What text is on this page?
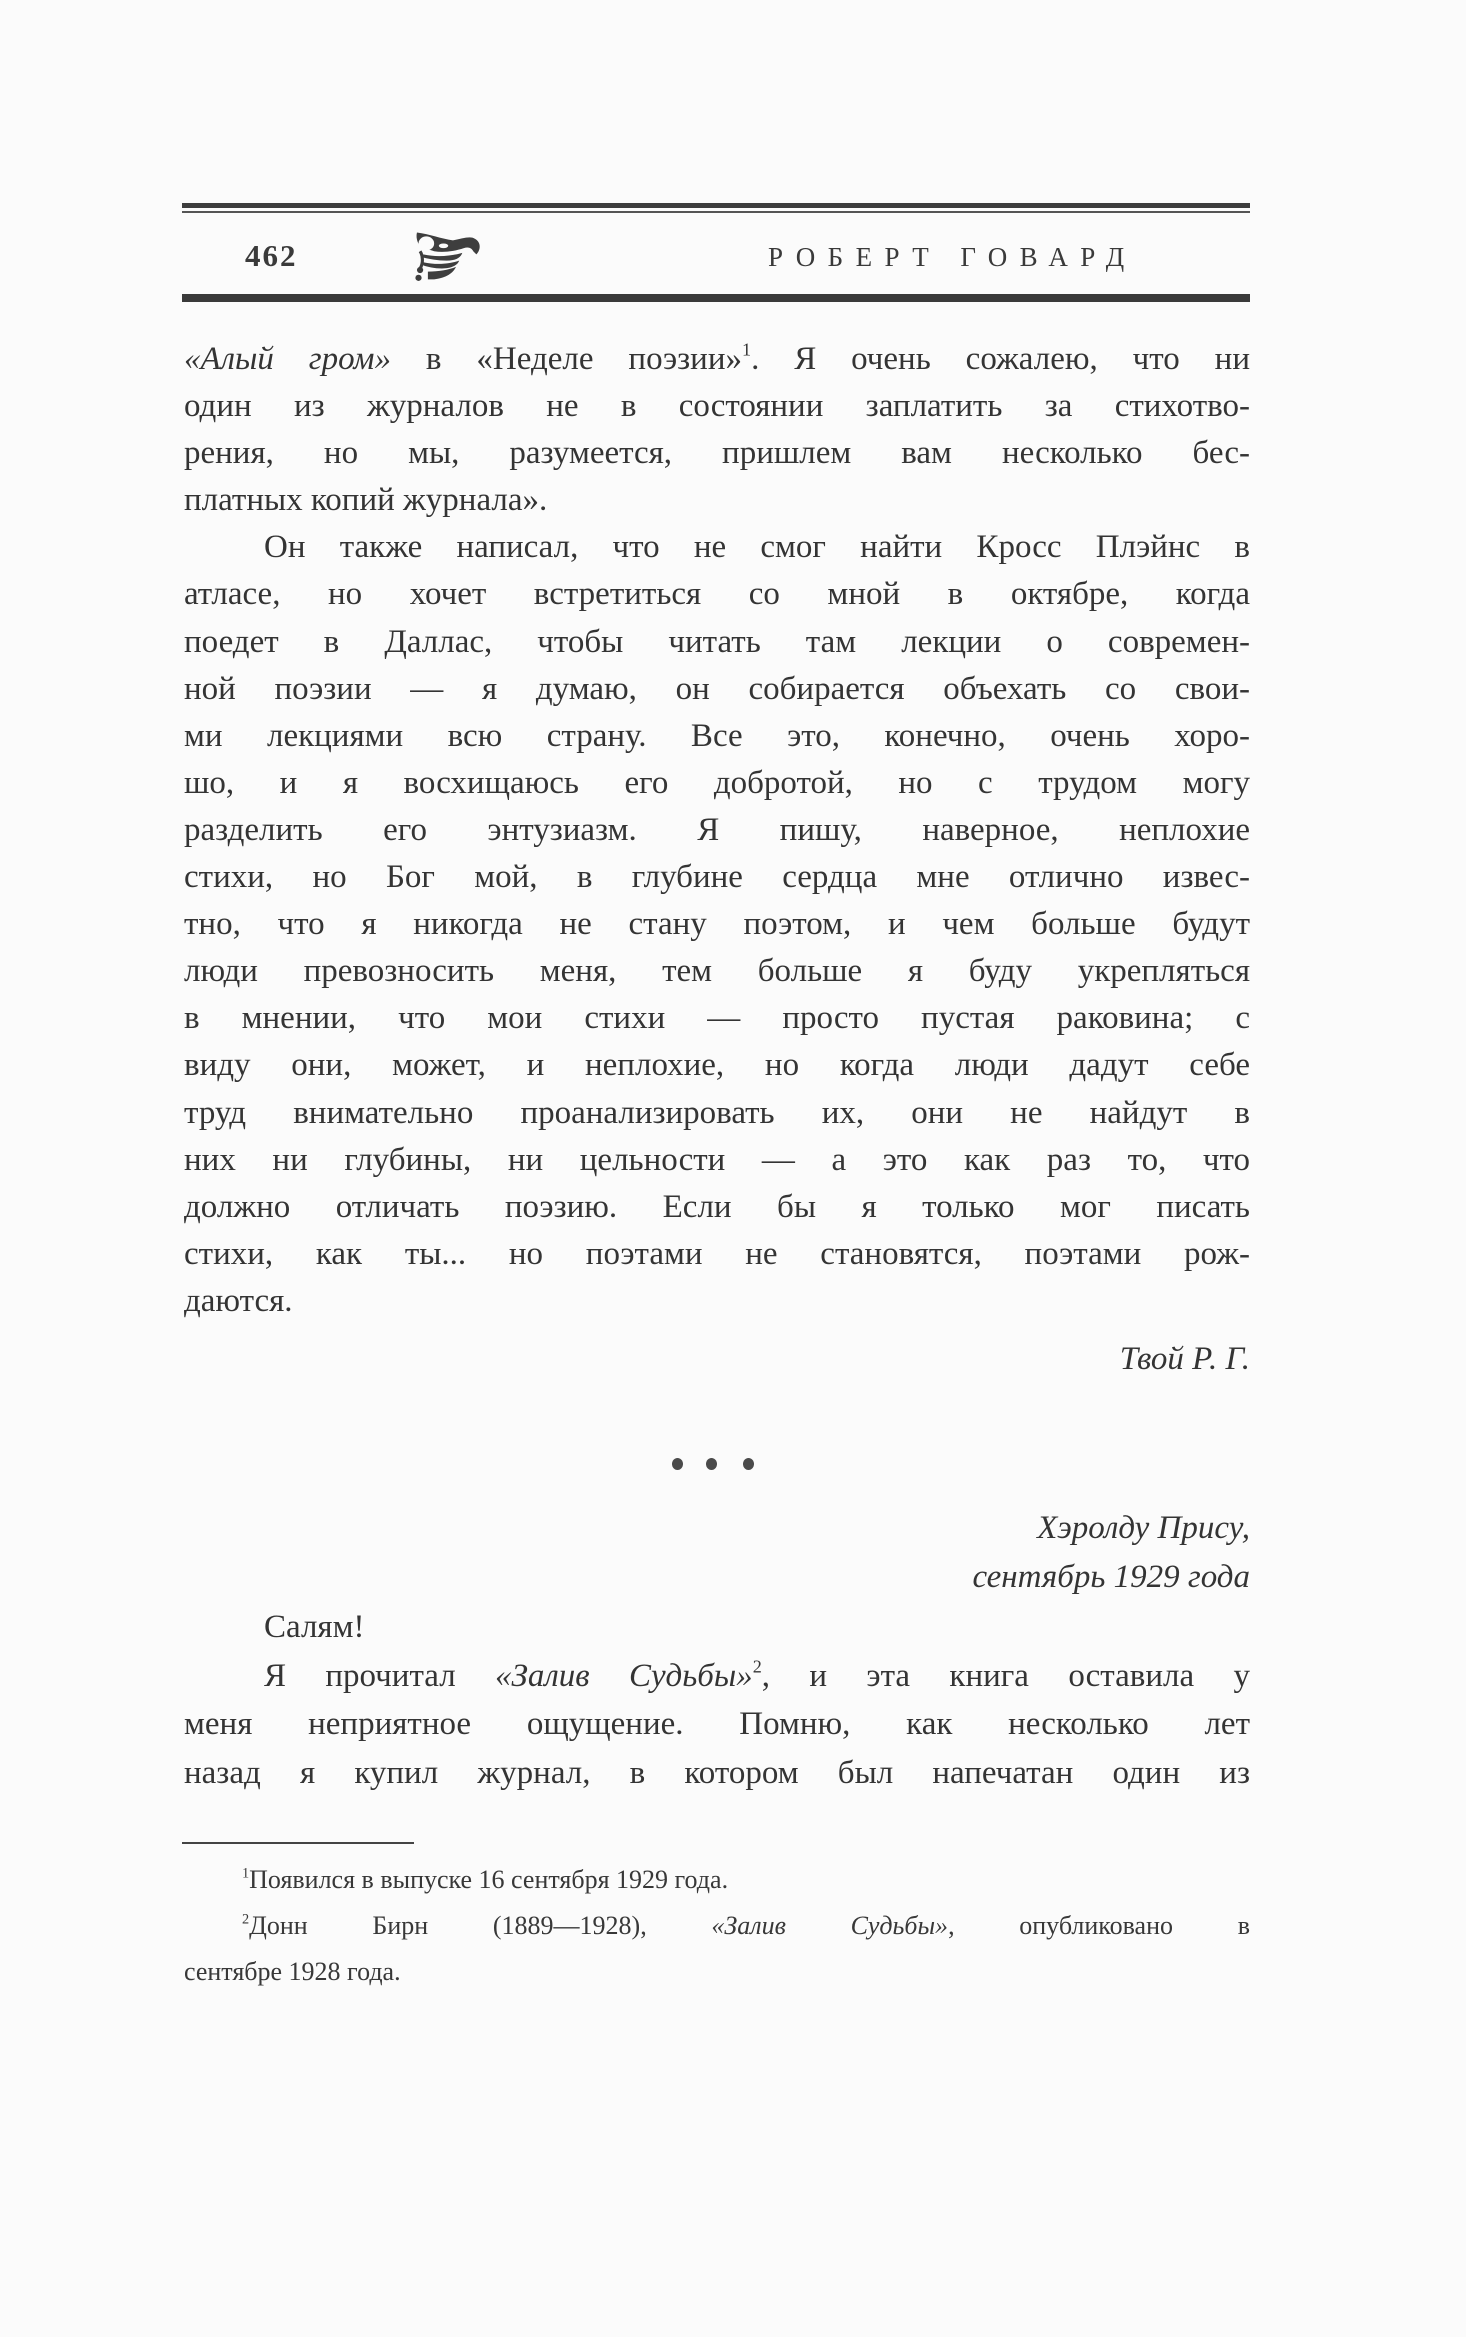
462	РОБЕРТ ГОВАРД
«Алый гром» в «Неделе поэзии»$^1$. Я очень сожалею, что ни
один из журналов не в состоянии заплатить за стихотво-
рения, но мы, разумеется, пришлем вам несколько бес-
платных копий журнала».
Он также написал, что не смог найти Кросс Плэйнс в
атласе, но хочет встретиться со мной в октябре, когда
поедет в Даллас, чтобы читать там лекции о современ-
ной поэзии — я думаю, он собирается объехать со свои-
ми лекциями всю страну. Все это, конечно, очень хоро-
шо, и я восхищаюсь его добротой, но с трудом могу
разделить его энтузиазм. Я пишу, наверное, неплохие
стихи, но Бог мой, в глубине сердца мне отлично извес-
тно, что я никогда не стану поэтом, и чем больше будут
люди превозносить меня, тем больше я буду укрепляться
в мнении, что мои стихи — просто пустая раковина; с
виду они, может, и неплохие, но когда люди дадут себе
труд внимательно проанализировать их, они не найдут в
них ни глубины, ни цельности — а это как раз то, что
должно отличать поэзию. Если бы я только мог писать
стихи, как ты... но поэтами не становятся, поэтами рож-
даются.
Твой Р. Г.
Хэролду Прису,
сентябрь 1929 года
Салям!
Я прочитал «Залив Судьбы»$^2$, и эта книга оставила у
меня неприятное ощущение. Помню, как несколько лет
назад я купил журнал, в котором был напечатан один из
$^1$Появился в выпуске 16 сентября 1929 года.
$^2$Донн Бирн (1889—1928), «Залив Судьбы», опубликовано в
сентябре 1928 года.
